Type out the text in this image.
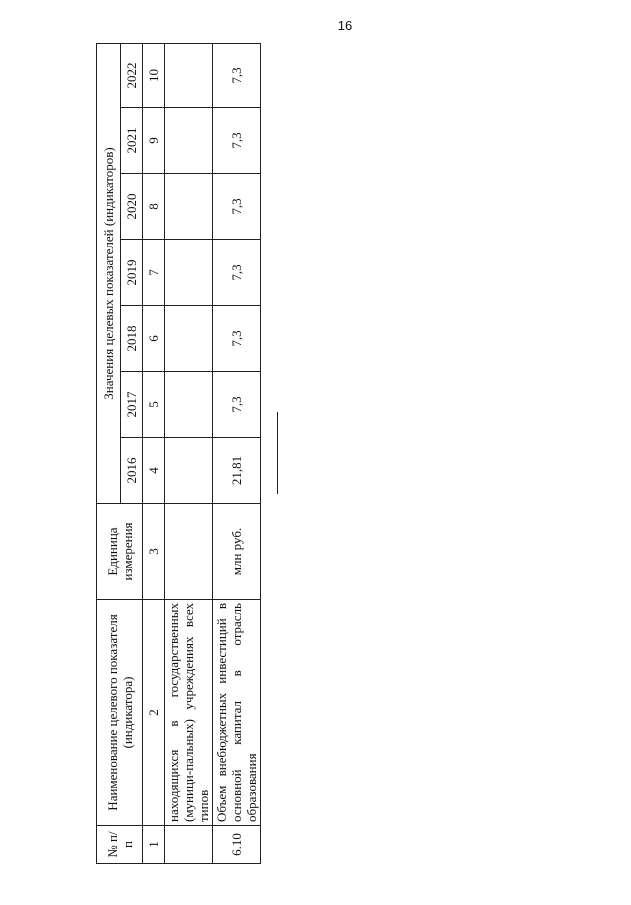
16
№ п/п	Наименование целевого показателя (индикатора)	Единица измерения	Значения целевых показателей (индикаторов)						
			2016	2017	2018	2019	2020	2021	2022
1	2	3	4	5	6	7	8	9	10
	находящихся в государственных (муници-пальных) учреждениях всех типов								
6.10	Объем внебюджетных инвестиций в основной капитал в отрасль образования	млн руб.	21,81	7,3	7,3	7,3	7,3	7,3	7,3
